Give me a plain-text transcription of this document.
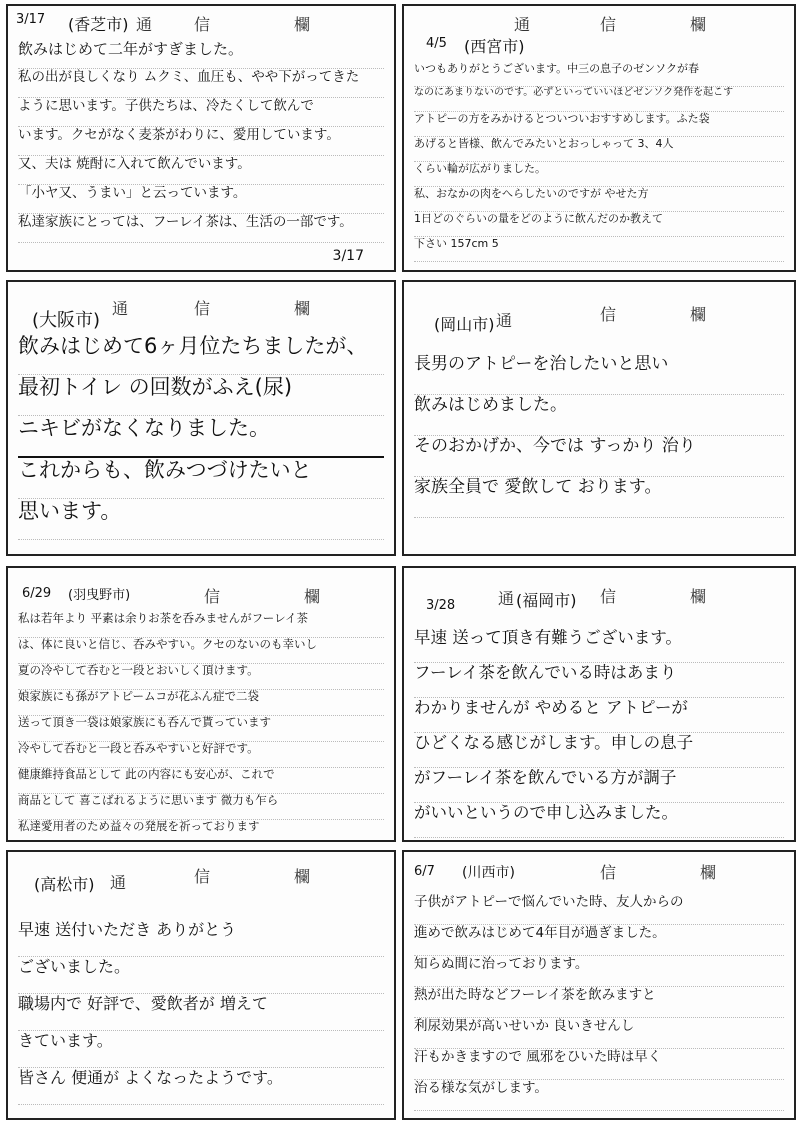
3/17 (香芝市) 通	信	欄
飲みはじめて二年がすぎました。
私の出が良しくなり ムクミ、血圧も、やや下がってきた
ように思います。子供たちは、冷たくして飲んで
います。クセがなく麦茶がわりに、愛用しています。
又、夫は 焼酎に入れて飲んでいます。
「小ヤ又、うまい」と云っています。
私達家族にとっては、フーレイ茶は、生活の一部です。
3/17
4/5 (西宮市)
通	信	欄
いつもありがとうございます。中三の息子のゼンソクが春
なのにあまりないのです。必ずといっていいほどゼンソク発作を起こす
アトピーの方をみかけるとついついおすすめします。ふた袋
あげると皆様、飲んでみたいとおっしゃって 3、4人
くらい輪が広がりました。
私、おなかの肉をへらしたいのですが やせた方
1日どのぐらいの量をどのように飲んだのか教えて
下さい 157cm 5
(大阪市)
通	信	欄
飲みはじめて6ヶ月位たちましたが、
最初トイレ の回数がふえ(尿)
ニキビがなくなりました。
これからも、飲みつづけたいと
思います。
(岡山市) 通	信	欄
長男のアトピーを治したいと思い
飲みはじめました。
そのおかげか、今では すっかり 治り
家族全員で 愛飲して おります。
6/29 (羽曳野市)	信	欄
私は若年より 平素は余りお茶を呑みませんがフーレイ茶
は、体に良いと信じ、呑みやすい。クセのないのも幸いし
夏の冷やして呑むと一段とおいしく頂けます。
娘家族にも孫がアトピームコが花ふん症で二袋
送って頂き一袋は娘家族にも呑んで貰っています
冷やして呑むと一段と呑みやすいと好評です。
健康維持食品として 此の内容にも安心が、これで
商品として 喜こばれるように思います 微力も乍ら
私達愛用者のため益々の発展を祈っております
3/28	通 (福岡市) 信	欄
早速 送って頂き有難うございます。
フーレイ茶を飲んでいる時はあまり
わかりませんが やめると アトピーが
ひどくなる感じがします。申しの息子
がフーレイ茶を飲んでいる方が調子
がいいというので申し込みました。
(高松市) 通	信	欄
早速 送付いただき ありがとう
ございました。
職場内で 好評で、愛飲者が 増えて
きています。
皆さん 便通が よくなったようです。
6/7 (川西市)	信	欄
子供がアトピーで悩んでいた時、友人からの
進めで飲みはじめて4年目が過ぎました。
知らぬ間に治っております。
熱が出た時などフーレイ茶を飲みますと
利尿効果が高いせいか 良いきせんし
汗もかきますので 風邪をひいた時は早く
治る様な気がします。
